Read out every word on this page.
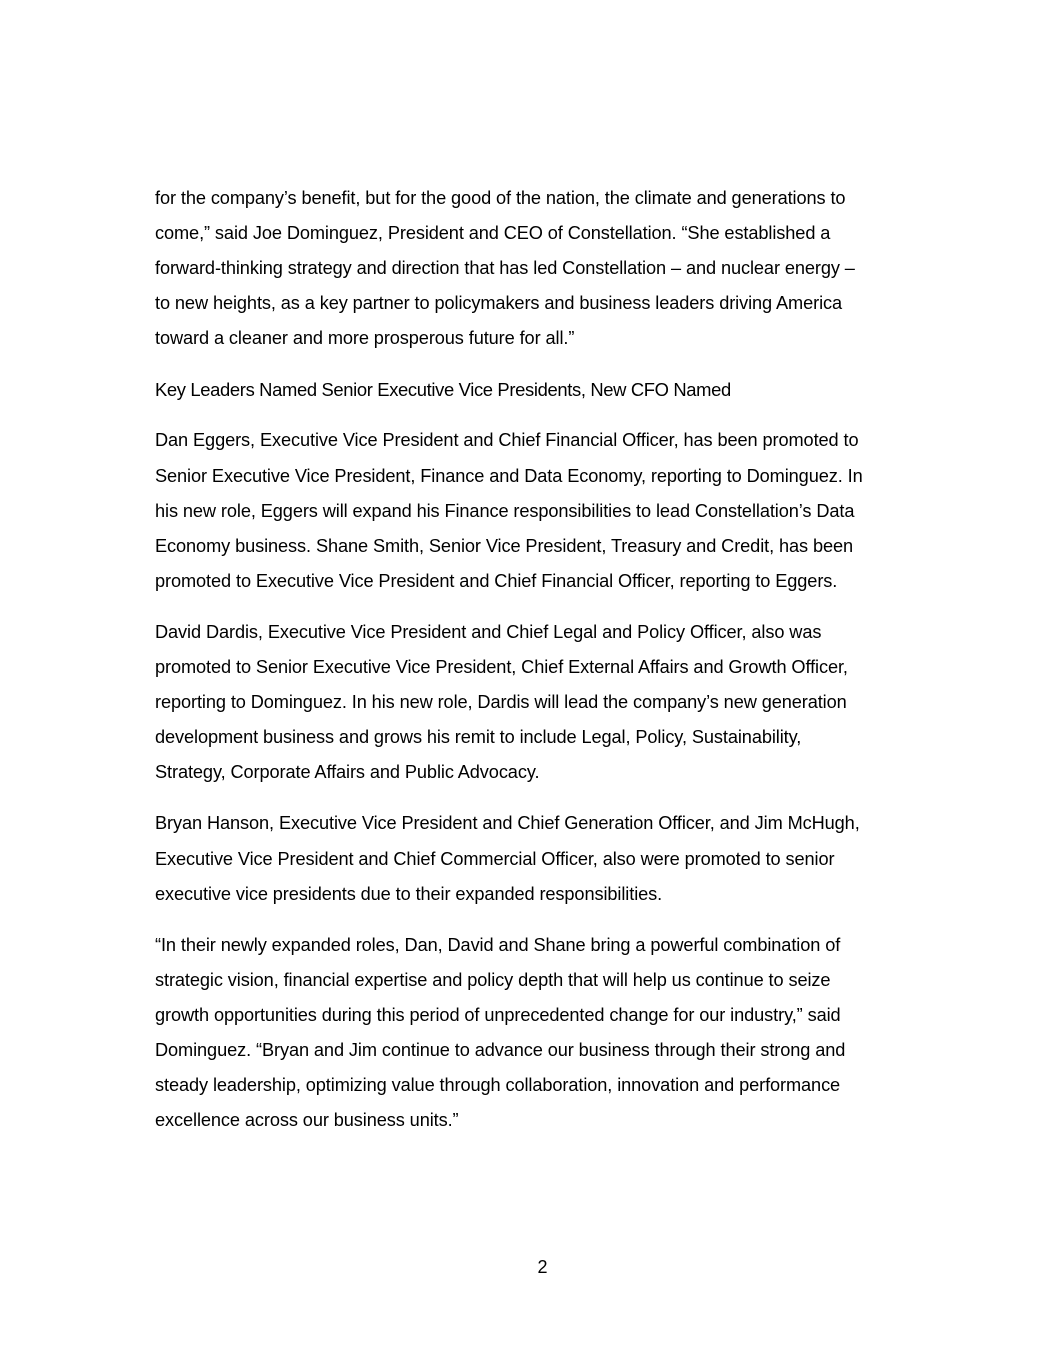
for the company’s benefit, but for the good of the nation, the climate and generations to
come,” said Joe Dominguez, President and CEO of Constellation. “She established a
forward-thinking strategy and direction that has led Constellation – and nuclear energy –
to new heights, as a key partner to policymakers and business leaders driving America
toward a cleaner and more prosperous future for all.”
Key Leaders Named Senior Executive Vice Presidents, New CFO Named
Dan Eggers, Executive Vice President and Chief Financial Officer, has been promoted to
Senior Executive Vice President, Finance and Data Economy, reporting to Dominguez. In
his new role, Eggers will expand his Finance responsibilities to lead Constellation’s Data
Economy business. Shane Smith, Senior Vice President, Treasury and Credit, has been
promoted to Executive Vice President and Chief Financial Officer, reporting to Eggers.
David Dardis, Executive Vice President and Chief Legal and Policy Officer, also was
promoted to Senior Executive Vice President, Chief External Affairs and Growth Officer,
reporting to Dominguez. In his new role, Dardis will lead the company’s new generation
development business and grows his remit to include Legal, Policy, Sustainability,
Strategy, Corporate Affairs and Public Advocacy.
Bryan Hanson, Executive Vice President and Chief Generation Officer, and Jim McHugh,
Executive Vice President and Chief Commercial Officer, also were promoted to senior
executive vice presidents due to their expanded responsibilities.
“In their newly expanded roles, Dan, David and Shane bring a powerful combination of
strategic vision, financial expertise and policy depth that will help us continue to seize
growth opportunities during this period of unprecedented change for our industry,” said
Dominguez. “Bryan and Jim continue to advance our business through their strong and
steady leadership, optimizing value through collaboration, innovation and performance
excellence across our business units.”
2
